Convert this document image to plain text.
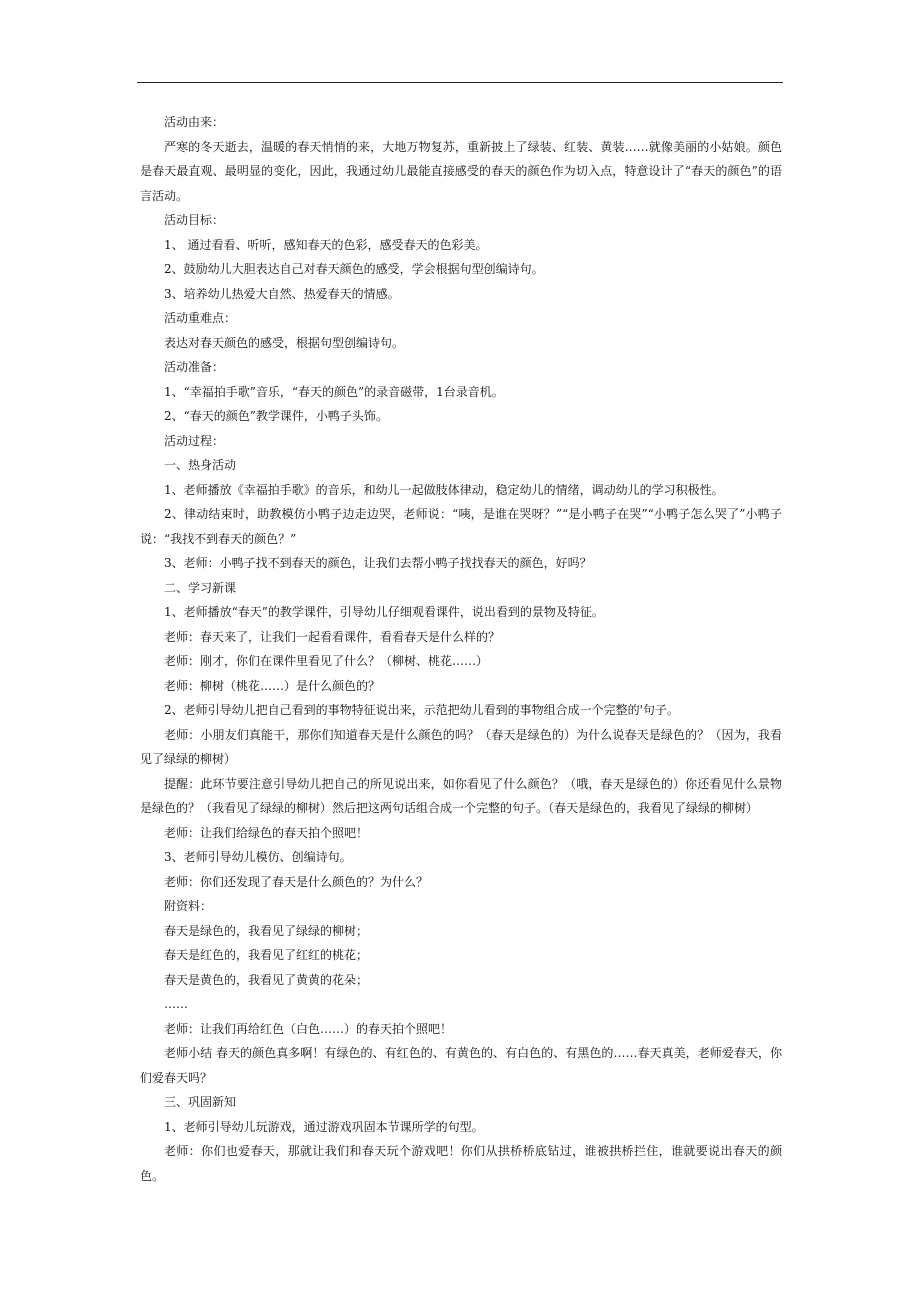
活动由来：

严寒的冬天逝去，温暖的春天悄悄的来，大地万物复苏，重新披上了绿装、红装、黄装……就像美丽的小姑娘。颜色是春天最直观、最明显的变化，因此，我通过幼儿最能直接感受的春天的颜色作为切入点，特意设计了“春天的颜色”的语言活动。

活动目标：

1、 通过看看、听听，感知春天的色彩，感受春天的色彩美。

2、鼓励幼儿大胆表达自己对春天颜色的感受，学会根据句型创编诗句。

3、培养幼儿热爱大自然、热爱春天的情感。

活动重难点：

表达对春天颜色的感受，根据句型创编诗句。

活动准备：

1、“幸福拍手歌”音乐，“春天的颜色”的录音磁带，1台录音机。

2、“春天的颜色”教学课件，小鸭子头饰。

活动过程：

一、热身活动

1、老师播放《幸福拍手歌》的音乐，和幼儿一起做肢体律动，稳定幼儿的情绪，调动幼儿的学习积极性。

2、律动结束时，助教模仿小鸭子边走边哭，老师说：“咦，是谁在哭呀？”“是小鸭子在哭”“小鸭子怎么哭了”小鸭子说：“我找不到春天的颜色？”

3、老师：小鸭子找不到春天的颜色，让我们去帮小鸭子找找春天的颜色，好吗？

二、学习新课

1、老师播放“春天”的教学课件，引导幼儿仔细观看课件，说出看到的景物及特征。

老师：春天来了，让我们一起看看课件，看看春天是什么样的？

老师：刚才，你们在课件里看见了什么？（柳树、桃花……）

老师：柳树（桃花……）是什么颜色的？

2、老师引导幼儿把自己看到的事物特征说出来，示范把幼儿看到的事物组合成一个完整的'句子。

老师：小朋友们真能干，那你们知道春天是什么颜色的吗？（春天是绿色的）为什么说春天是绿色的？（因为，我看见了绿绿的柳树）

提醒：此环节要注意引导幼儿把自己的所见说出来，如你看见了什么颜色？（哦，春天是绿色的）你还看见什么景物是绿色的？（我看见了绿绿的柳树）然后把这两句话组合成一个完整的句子。（春天是绿色的，我看见了绿绿的柳树）

老师：让我们给绿色的春天拍个照吧！

3、老师引导幼儿模仿、创编诗句。

老师：你们还发现了春天是什么颜色的？为什么？

附资料：

春天是绿色的，我看见了绿绿的柳树；

春天是红色的，我看见了红红的桃花；

春天是黄色的，我看见了黄黄的花朵；

……

老师：让我们再给红色（白色……）的春天拍个照吧！

老师小结 春天的颜色真多啊！有绿色的、有红色的、有黄色的、有白色的、有黑色的……春天真美，老师爱春天，你们爱春天吗？

三、巩固新知

1、老师引导幼儿玩游戏，通过游戏巩固本节课所学的句型。

老师：你们也爱春天，那就让我们和春天玩个游戏吧！你们从拱桥桥底钻过，谁被拱桥拦住，谁就要说出春天的颜色。
